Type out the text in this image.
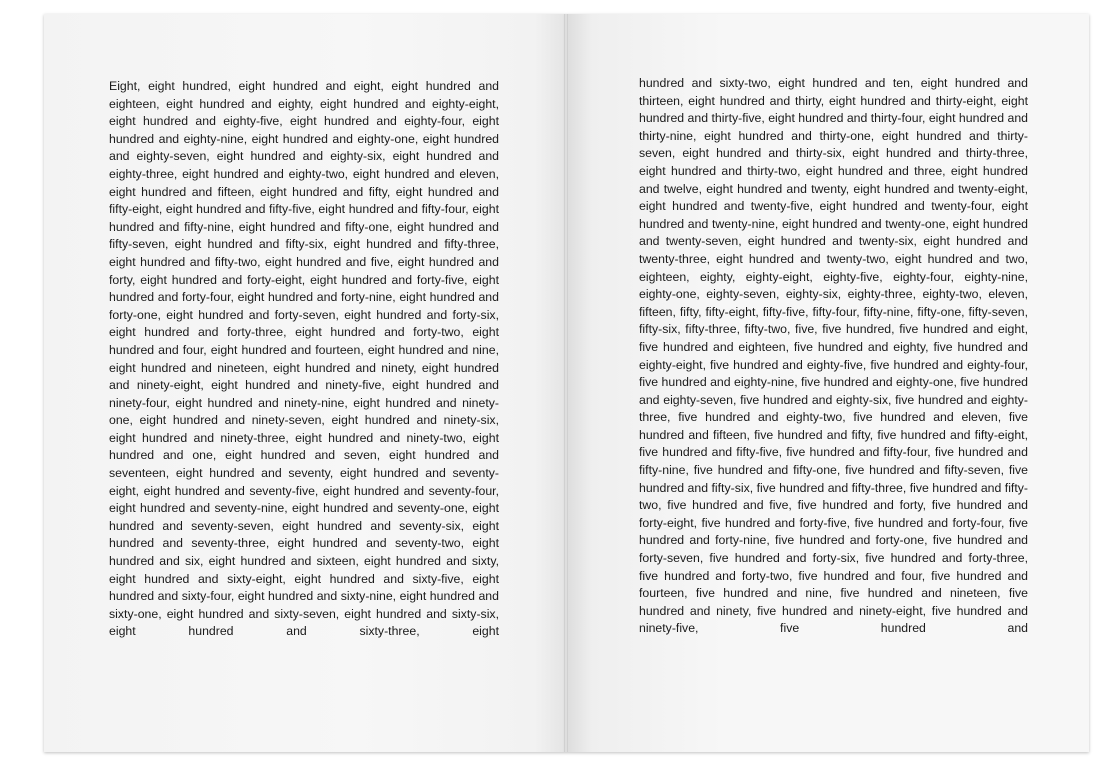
Eight, eight hundred, eight hundred and eight, eight hundred and eighteen, eight hundred and eighty, eight hundred and eighty-eight, eight hundred and eighty-five, eight hundred and eighty-four, eight hundred and eighty-nine, eight hundred and eighty-one, eight hundred and eighty-seven, eight hundred and eighty-six, eight hundred and eighty-three, eight hundred and eighty-two, eight hundred and eleven, eight hundred and fifteen, eight hundred and fifty, eight hundred and fifty-eight, eight hundred and fifty-five, eight hundred and fifty-four, eight hundred and fifty-nine, eight hundred and fifty-one, eight hundred and fifty-seven, eight hundred and fifty-six, eight hundred and fifty-three, eight hundred and fifty-two, eight hundred and five, eight hundred and forty, eight hundred and forty-eight, eight hundred and forty-five, eight hundred and forty-four, eight hundred and forty-nine, eight hundred and forty-one, eight hundred and forty-seven, eight hundred and forty-six, eight hundred and forty-three, eight hundred and forty-two, eight hundred and four, eight hundred and fourteen, eight hundred and nine, eight hundred and nineteen, eight hundred and ninety, eight hundred and ninety-eight, eight hundred and ninety-five, eight hundred and ninety-four, eight hundred and ninety-nine, eight hundred and ninety-one, eight hundred and ninety-seven, eight hundred and ninety-six, eight hundred and ninety-three, eight hundred and ninety-two, eight hundred and one, eight hundred and seven, eight hundred and seventeen, eight hundred and seventy, eight hundred and seventy-eight, eight hundred and seventy-five, eight hundred and seventy-four, eight hundred and seventy-nine, eight hundred and seventy-one, eight hundred and seventy-seven, eight hundred and seventy-six, eight hundred and seventy-three, eight hundred and seventy-two, eight hundred and six, eight hundred and sixteen, eight hundred and sixty, eight hundred and sixty-eight, eight hundred and sixty-five, eight hundred and sixty-four, eight hundred and sixty-nine, eight hundred and sixty-one, eight hundred and sixty-seven, eight hundred and sixty-six, eight hundred and sixty-three, eight

hundred and sixty-two, eight hundred and ten, eight hundred and thirteen, eight hundred and thirty, eight hundred and thirty-eight, eight hundred and thirty-five, eight hundred and thirty-four, eight hundred and thirty-nine, eight hundred and thirty-one, eight hundred and thirty-seven, eight hundred and thirty-six, eight hundred and thirty-three, eight hundred and thirty-two, eight hundred and three, eight hundred and twelve, eight hundred and twenty, eight hundred and twenty-eight, eight hundred and twenty-five, eight hundred and twenty-four, eight hundred and twenty-nine, eight hundred and twenty-one, eight hundred and twenty-seven, eight hundred and twenty-six, eight hundred and twenty-three, eight hundred and twenty-two, eight hundred and two, eighteen, eighty, eighty-eight, eighty-five, eighty-four, eighty-nine, eighty-one, eighty-seven, eighty-six, eighty-three, eighty-two, eleven, fifteen, fifty, fifty-eight, fifty-five, fifty-four, fifty-nine, fifty-one, fifty-seven, fifty-six, fifty-three, fifty-two, five, five hundred, five hundred and eight, five hundred and eighteen, five hundred and eighty, five hundred and eighty-eight, five hundred and eighty-five, five hundred and eighty-four, five hundred and eighty-nine, five hundred and eighty-one, five hundred and eighty-seven, five hundred and eighty-six, five hundred and eighty-three, five hundred and eighty-two, five hundred and eleven, five hundred and fifteen, five hundred and fifty, five hundred and fifty-eight, five hundred and fifty-five, five hundred and fifty-four, five hundred and fifty-nine, five hundred and fifty-one, five hundred and fifty-seven, five hundred and fifty-six, five hundred and fifty-three, five hundred and fifty-two, five hundred and five, five hundred and forty, five hundred and forty-eight, five hundred and forty-five, five hundred and forty-four, five hundred and forty-nine, five hundred and forty-one, five hundred and forty-seven, five hundred and forty-six, five hundred and forty-three, five hundred and forty-two, five hundred and four, five hundred and fourteen, five hundred and nine, five hundred and nineteen, five hundred and ninety, five hundred and ninety-eight, five hundred and ninety-five, five hundred and
